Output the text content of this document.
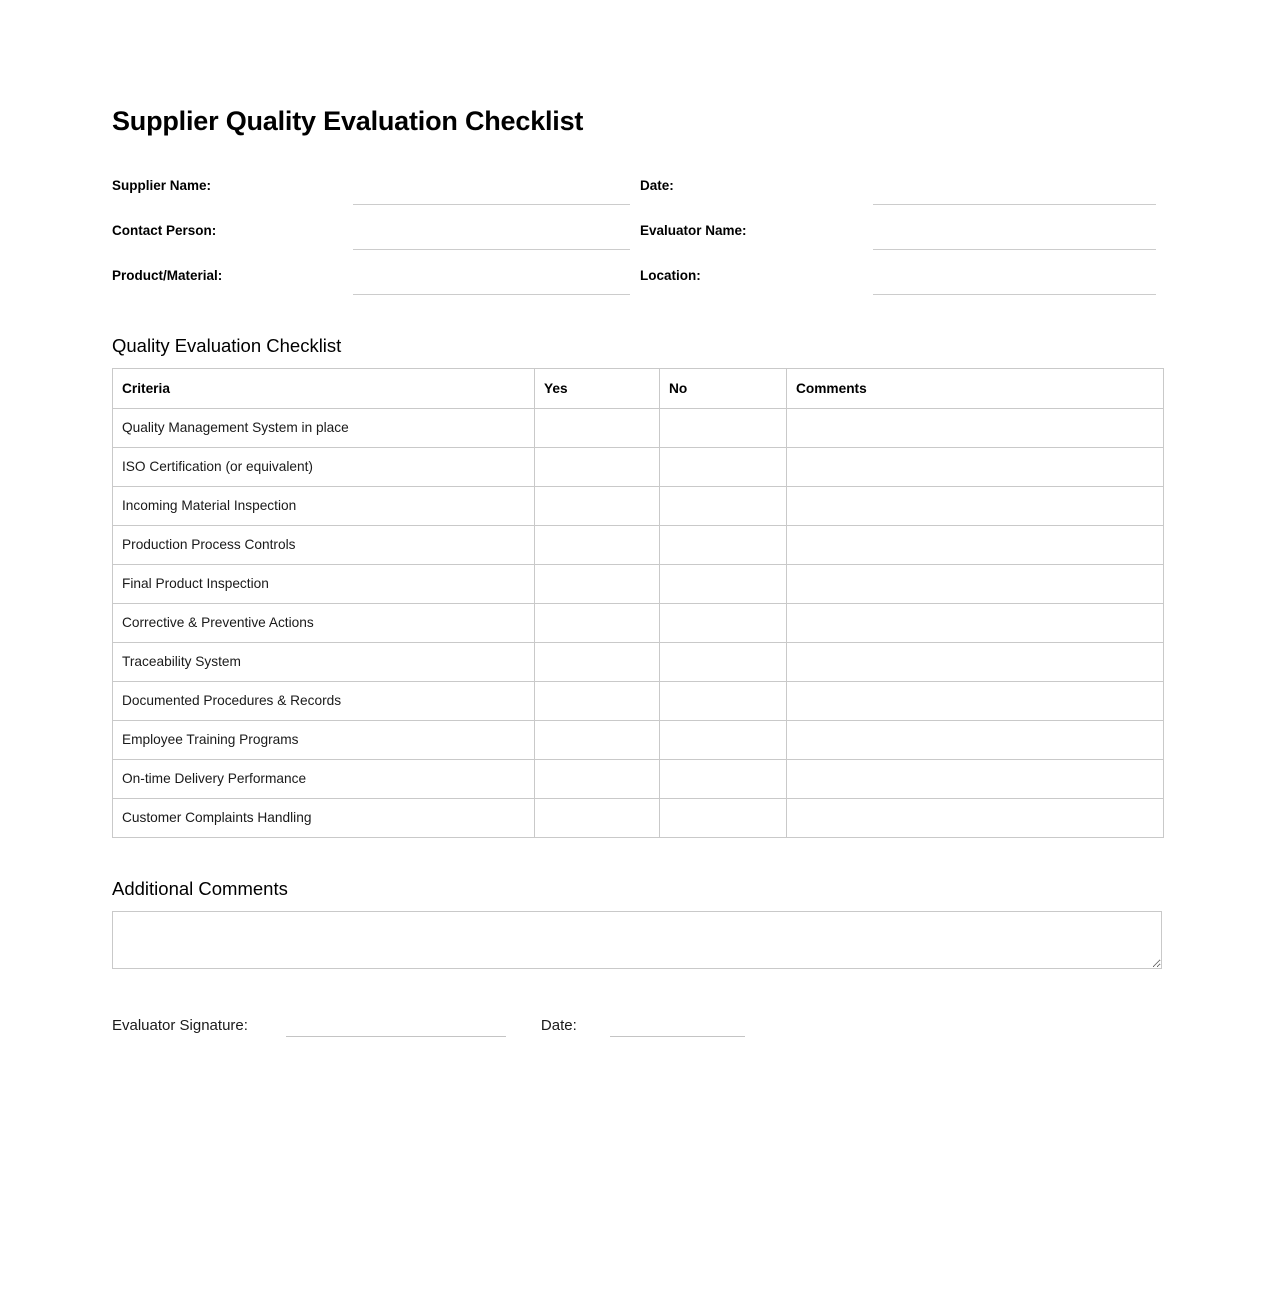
Supplier Quality Evaluation Checklist
Supplier Name:	Date:
Contact Person:	Evaluator Name:
Product/Material:	Location:
Quality Evaluation Checklist
Criteria	Yes	No	Comments
Quality Management System in place			
ISO Certification (or equivalent)			
Incoming Material Inspection			
Production Process Controls			
Final Product Inspection			
Corrective & Preventive Actions			
Traceability System			
Documented Procedures & Records			
Employee Training Programs			
On-time Delivery Performance			
Customer Complaints Handling			
Additional Comments
Evaluator Signature:	Date:
